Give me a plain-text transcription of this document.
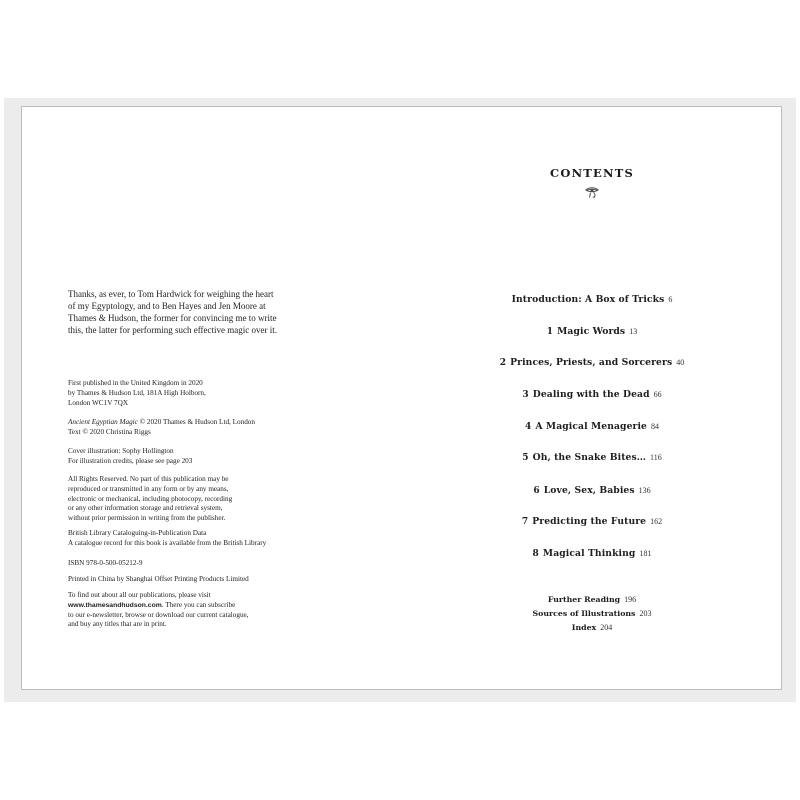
Thanks, as ever, to Tom Hardwick for weighing the heart

of my Egyptology, and to Ben Hayes and Jen Moore at

Thames & Hudson, the former for convincing me to write

this, the latter for performing such effective magic over it.

First published in the United Kingdom in 2020

by Thames & Hudson Ltd, 181A High Holborn,

London WC1V 7QX

Ancient Egyptian Magic © 2020 Thames & Hudson Ltd, London

Text © 2020 Christina Riggs

Cover illustration: Sophy Hollington

For illustration credits, please see page 203

All Rights Reserved. No part of this publication may be

reproduced or transmitted in any form or by any means,

electronic or mechanical, including photocopy, recording

or any other information storage and retrieval system,

without prior permission in writing from the publisher.

British Library Cataloguing-in-Publication Data

A catalogue record for this book is available from the British Library

ISBN 978-0-500-05212-9

Printed in China by Shanghai Offset Printing Products Limited

To find out about all our publications, please visit

www.thamesandhudson.com. There you can subscribe

to our e-newsletter, browse or download our current catalogue,

and buy any titles that are in print.

CONTENTS
Introduction: A Box of Tricks 6
1 Magic Words 13
2 Princes, Priests, and Sorcerers 40
3 Dealing with the Dead 66
4 A Magical Menagerie 84
5 Oh, the Snake Bites… 116
6 Love, Sex, Babies 136
7 Predicting the Future 162
8 Magical Thinking 181
Further Reading 196
Sources of Illustrations 203
Index 204
